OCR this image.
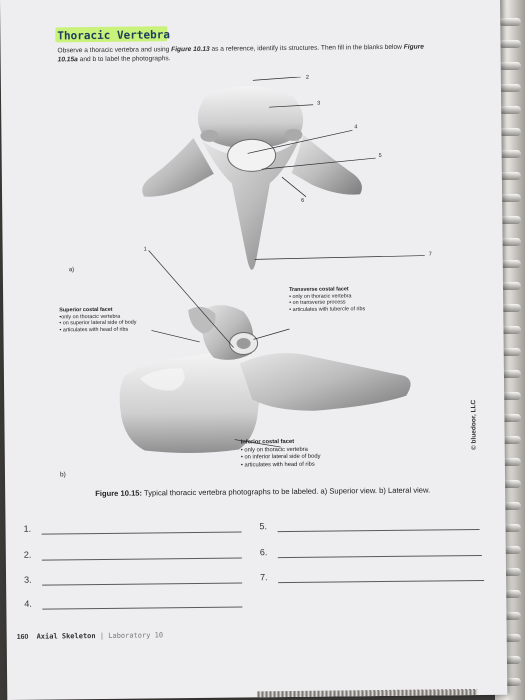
Thoracic Vertebra
Observe a thoracic vertebra and using Figure 10.13 as a reference, identify its structures. Then fill in the blanks below Figure 10.15a and b to label the photographs.
2
3
4
5
6
1
7
Superior costal facet
•only on thoracic vertebra
• on superior lateral side of body
• articulates with head of ribs
Transverse costal facet
• only on thoracic vertebra
• on transverse process
• articulates with tubercle of ribs
Inferior costal facet
• only on thoracic vertebra
• on inferior lateral side of body
• articulates with head of ribs
a)
b)
© bluedoor, LLC
Figure 10.15: Typical thoracic vertebra photographs to be labeled. a) Superior view. b) Lateral view.
1.
2.
3.
4.
5.
6.
7.
160 Axial Skeleton | Laboratory 10
